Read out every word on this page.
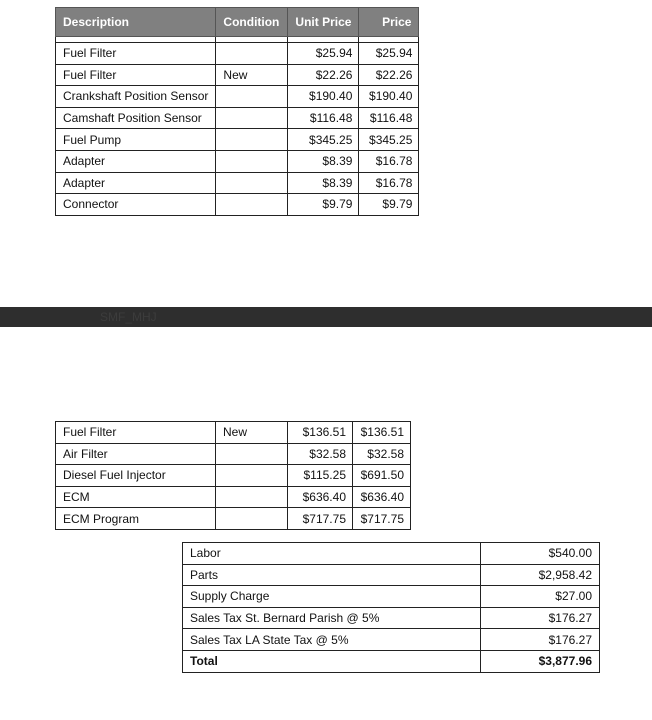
Description	Condition	Unit Price	Price

Fuel Filter		$25.94	$25.94
Fuel Filter	New	$22.26	$22.26
Crankshaft Position Sensor		$190.40	$190.40
Camshaft Position Sensor		$116.48	$116.48
Fuel Pump		$345.25	$345.25
Adapter		$8.39	$16.78
Adapter		$8.39	$16.78
Connector		$9.79	$9.79
SMF_MHJ
Fuel Filter	New	$136.51	$136.51
Air Filter		$32.58	$32.58
Diesel Fuel Injector		$115.25	$691.50
ECM		$636.40	$636.40
ECM Program		$717.75	$717.75
Labor	$540.00
Parts	$2,958.42
Supply Charge	$27.00
Sales Tax St. Bernard Parish @ 5%	$176.27
Sales Tax LA State Tax @ 5%	$176.27
Total	$3,877.96
